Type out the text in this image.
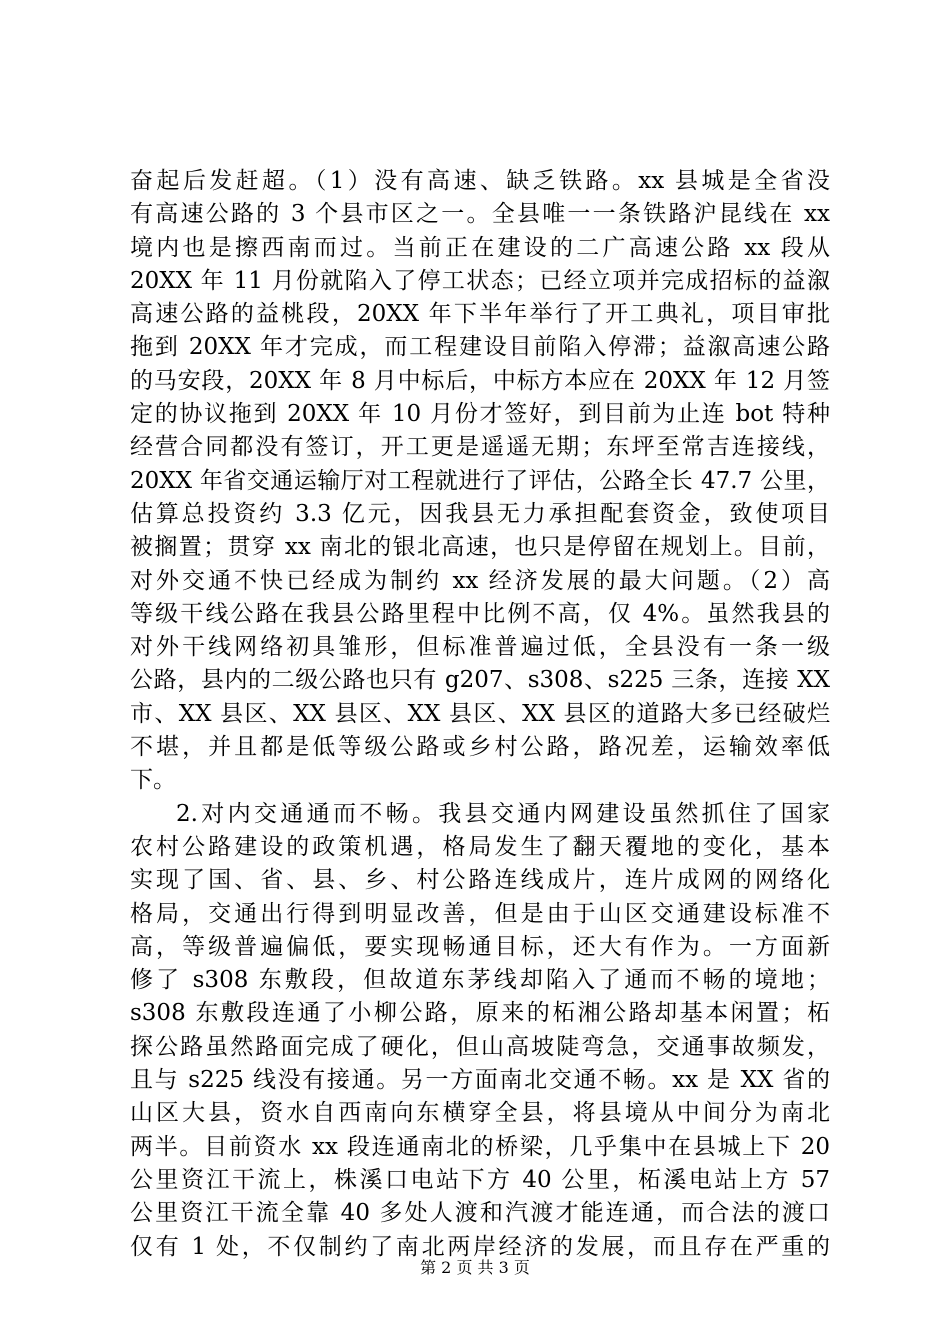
奋起后发赶超。（1）没有高速、缺乏铁路。xx 县城是全省没
有高速公路的 3 个县市区之一。全县唯一一条铁路沪昆线在 xx
境内也是擦西南而过。当前正在建设的二广高速公路 xx 段从
20XX 年 11 月份就陷入了停工状态；已经立项并完成招标的益溆
高速公路的益桃段，20XX 年下半年举行了开工典礼，项目审批
拖到 20XX 年才完成，而工程建设目前陷入停滞；益溆高速公路
的马安段，20XX 年 8 月中标后，中标方本应在 20XX 年 12 月签
定的协议拖到 20XX 年 10 月份才签好，到目前为止连 bot 特种
经营合同都没有签订，开工更是遥遥无期；东坪至常吉连接线，
20XX 年省交通运输厅对工程就进行了评估，公路全长 47.7 公里，
估算总投资约 3.3 亿元，因我县无力承担配套资金，致使项目
被搁置；贯穿 xx 南北的银北高速，也只是停留在规划上。目前，
对外交通不快已经成为制约 xx 经济发展的最大问题。（2）高
等级干线公路在我县公路里程中比例不高，仅 4%。虽然我县的
对外干线网络初具雏形，但标准普遍过低，全县没有一条一级
公路，县内的二级公路也只有 g207、s308、s225 三条，连接 XX
市、XX 县区、XX 县区、XX 县区、XX 县区的道路大多已经破烂
不堪，并且都是低等级公路或乡村公路，路况差，运输效率低
下。
2.对内交通通而不畅。我县交通内网建设虽然抓住了国家
农村公路建设的政策机遇，格局发生了翻天覆地的变化，基本
实现了国、省、县、乡、村公路连线成片，连片成网的网络化
格局，交通出行得到明显改善，但是由于山区交通建设标准不
高，等级普遍偏低，要实现畅通目标，还大有作为。一方面新
修了 s308 东敷段，但故道东茅线却陷入了通而不畅的境地；
s308 东敷段连通了小柳公路，原来的柘湘公路却基本闲置；柘
探公路虽然路面完成了硬化，但山高坡陡弯急，交通事故频发，
且与 s225 线没有接通。另一方面南北交通不畅。xx 是 XX 省的
山区大县，资水自西南向东横穿全县，将县境从中间分为南北
两半。目前资水 xx 段连通南北的桥梁，几乎集中在县城上下 20
公里资江干流上，株溪口电站下方 40 公里，柘溪电站上方 57
公里资江干流全靠 40 多处人渡和汽渡才能连通，而合法的渡口
仅有 1 处，不仅制约了南北两岸经济的发展，而且存在严重的
第 2 页 共 3 页
